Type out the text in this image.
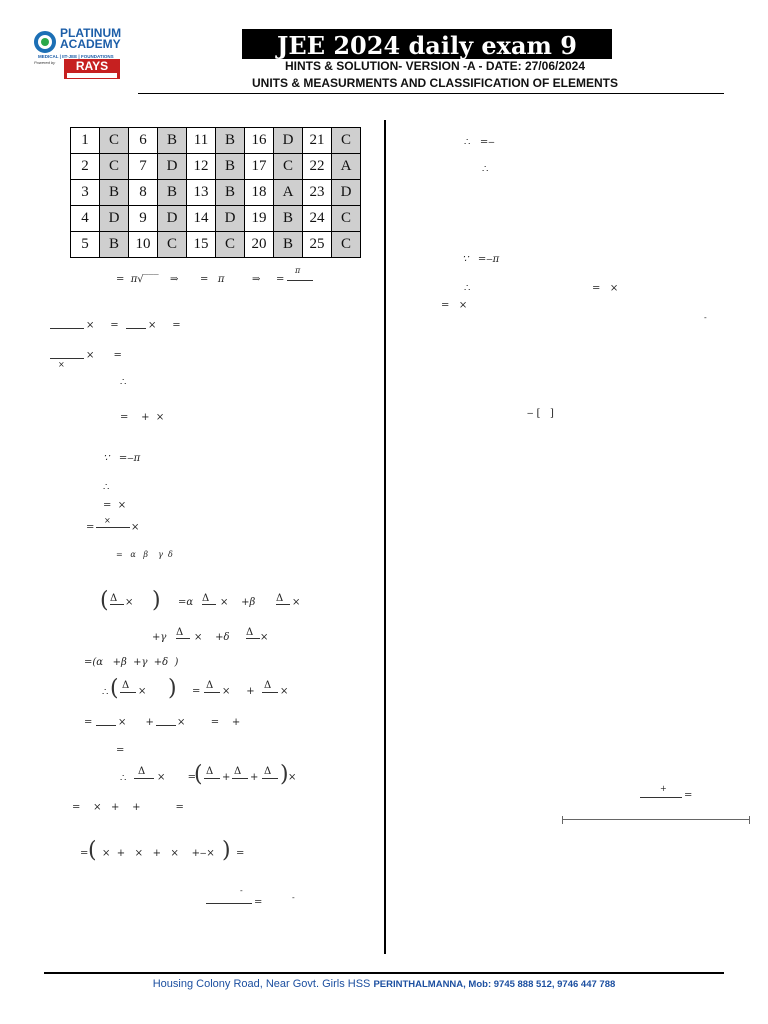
PLATINUM
ACADEMY
MEDICAL | IIT-JEE | FOUNDATIONS
Powered by	RAYS

JEE 2024 daily exam 9
HINTS & SOLUTION- VERSION -A - DATE: 27/06/2024
UNITS & MEASURMENTS AND CLASSIFICATION OF ELEMENTS
1	C	6	B	11	B	16	D	21	C
2	C	7	D	12	B	17	C	22	A
3	B	8	B	13	B	18	A	23	D
4	D	9	D	14	D	19	B	24	C
5	B	10	C	15	C	20	B	25	C
=  π√‾‾‾ ⇒ =   π	⇒ =
π
×     =	×     =
×      =
×
∴
=    +  ×
∵   =‒π
∴
=  ×
=
×
×
=   α   β    γ  δ
( Δ × ) =α Δ ×    +β Δ ×
+γ Δ ×    +δ Δ ×
=(α   +β  +γ  +δ  )
∴ ( Δ
× ) =
Δ
×     +
Δ
×
=	×      + ×        =    +
=
∴
Δ
×       =
( Δ
+
Δ
+
Δ ) ×
=    ×   +    +           =
= ( ×  +   ×   +   ×    +‒× ) =
-
=	-
∴   =‒
∴
∵   =‒π
∴	=   ×
=   ×
-
‒ [   ]
+
=
Housing Colony Road, Near Govt. Girls HSS PERINTHALMANNA, Mob: 9745 888 512, 9746 447 788
